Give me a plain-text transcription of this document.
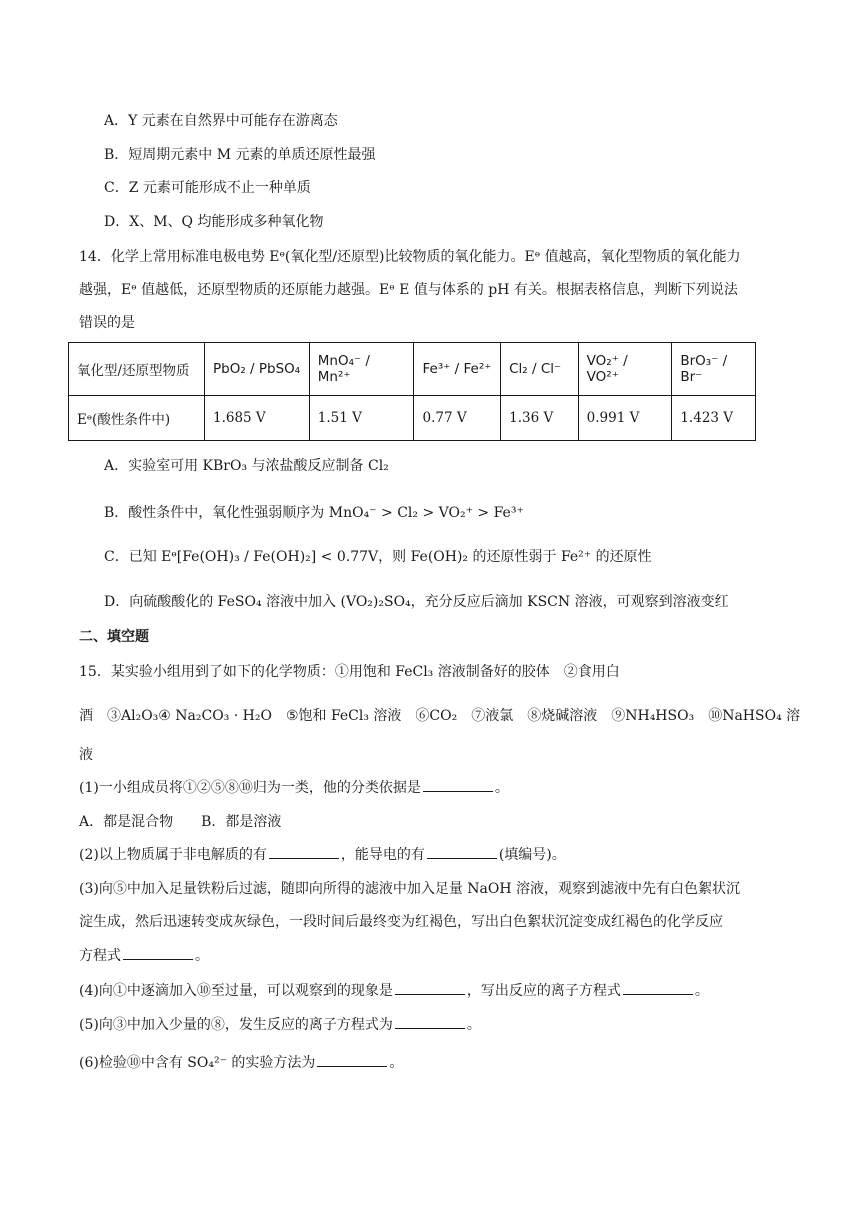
A．Y 元素在自然界中可能存在游离态
B．短周期元素中 M 元素的单质还原性最强
C．Z 元素可能形成不止一种单质
D．X、M、Q 均能形成多种氧化物
14．化学上常用标准电极电势 Eᶱ(氧化型/还原型)比较物质的氧化能力。Eᶱ 值越高，氧化型物质的氧化能力
越强，Eᶱ 值越低，还原型物质的还原能力越强。Eᶱ E 值与体系的 pH 有关。根据表格信息，判断下列说法
错误的是
氧化型/还原型物质	PbO₂ / PbSO₄	MnO₄⁻ / Mn²⁺	Fe³⁺ / Fe²⁺	Cl₂ / Cl⁻	VO₂⁺ / VO²⁺	BrO₃⁻ / Br⁻
Eᶱ(酸性条件中)	1.685 V	1.51 V	0.77 V	1.36 V	0.991 V	1.423 V
A．实验室可用 KBrO₃ 与浓盐酸反应制备 Cl₂
B．酸性条件中，氧化性强弱顺序为 MnO₄⁻ > Cl₂ > VO₂⁺ > Fe³⁺
C．已知 Eᶱ[Fe(OH)₃ / Fe(OH)₂] < 0.77V，则 Fe(OH)₂ 的还原性弱于 Fe²⁺ 的还原性
D．向硫酸酸化的 FeSO₄ 溶液中加入 (VO₂)₂SO₄，充分反应后滴加 KSCN 溶液，可观察到溶液变红
二、填空题
15．某实验小组用到了如下的化学物质：①用饱和 FeCl₃ 溶液制备好的胶体　②食用白
酒　③Al₂O₃④ Na₂CO₃ · H₂O　⑤饱和 FeCl₃ 溶液　⑥CO₂　⑦液氯　⑧烧碱溶液　⑨NH₄HSO₃　⑩NaHSO₄ 溶
液
(1)一小组成员将①②⑤⑧⑩归为一类，他的分类依据是	。
A．都是混合物　　B．都是溶液
(2)以上物质属于非电解质的有	，能导电的有	(填编号)。
(3)向⑤中加入足量铁粉后过滤，随即向所得的滤液中加入足量 NaOH 溶液，观察到滤液中先有白色絮状沉
淀生成，然后迅速转变成灰绿色，一段时间后最终变为红褐色，写出白色絮状沉淀变成红褐色的化学反应
方程式	。
(4)向①中逐滴加入⑩至过量，可以观察到的现象是	，写出反应的离子方程式	。
(5)向③中加入少量的⑧，发生反应的离子方程式为	。
(6)检验⑩中含有 SO₄²⁻ 的实验方法为	。
